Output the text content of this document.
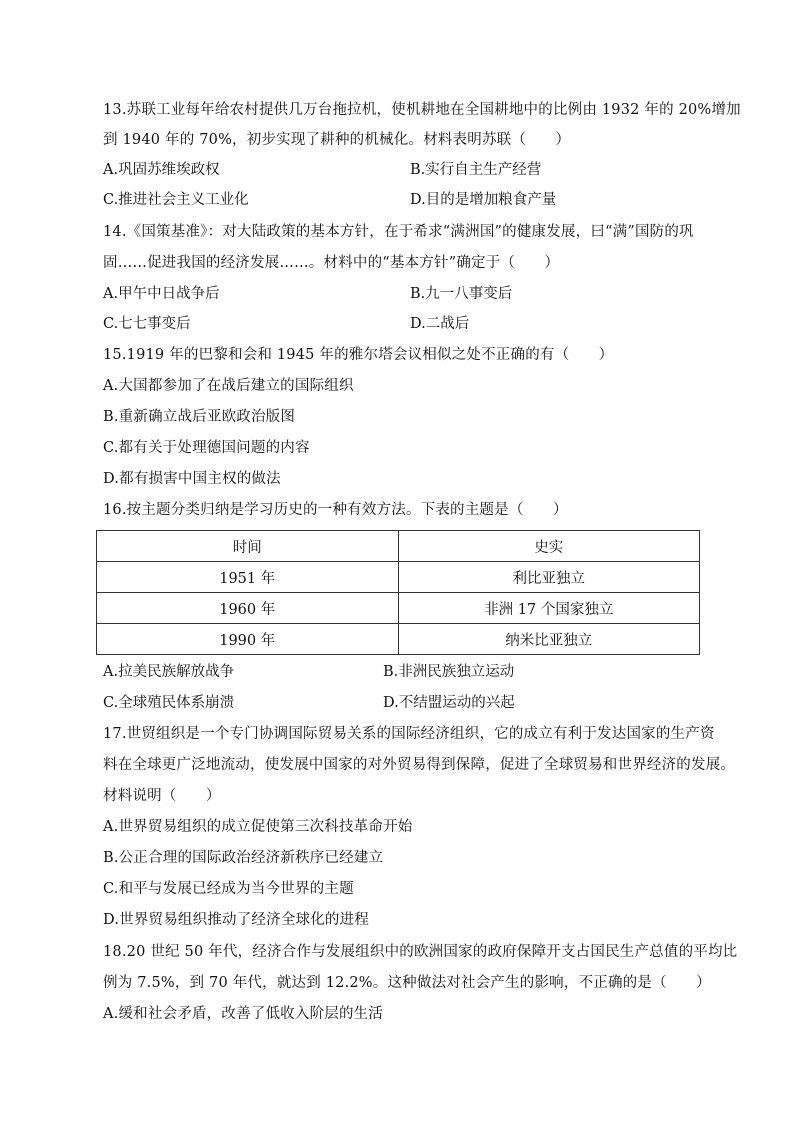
13.苏联工业每年给农村提供几万台拖拉机，使机耕地在全国耕地中的比例由 1932 年的 20%增加
到 1940 年的 70%，初步实现了耕种的机械化。材料表明苏联（　　）
A.巩固苏维埃政权	B.实行自主生产经营
C.推进社会主义工业化	D.目的是增加粮食产量
14.《国策基准》：对大陆政策的基本方针，在于希求“满洲国”的健康发展，曰“满”国防的巩
固……促进我国的经济发展……。材料中的“基本方针”确定于（　　）
A.甲午中日战争后	B.九一八事变后
C.七七事变后	D.二战后
15.1919 年的巴黎和会和 1945 年的雅尔塔会议相似之处不正确的有（　　）
A.大国都参加了在战后建立的国际组织
B.重新确立战后亚欧政治版图
C.都有关于处理德国问题的内容
D.都有损害中国主权的做法
16.按主题分类归纳是学习历史的一种有效方法。下表的主题是（　　）
时间	史实
1951 年	利比亚独立
1960 年	非洲 17 个国家独立
1990 年	纳米比亚独立
A.拉美民族解放战争	B.非洲民族独立运动
C.全球殖民体系崩溃	D.不结盟运动的兴起
17.世贸组织是一个专门协调国际贸易关系的国际经济组织，它的成立有利于发达国家的生产资
料在全球更广泛地流动，使发展中国家的对外贸易得到保障，促进了全球贸易和世界经济的发展。
材料说明（　　）
A.世界贸易组织的成立促使第三次科技革命开始
B.公正合理的国际政治经济新秩序已经建立
C.和平与发展已经成为当今世界的主题
D.世界贸易组织推动了经济全球化的进程
18.20 世纪 50 年代，经济合作与发展组织中的欧洲国家的政府保障开支占国民生产总值的平均比
例为 7.5%，到 70 年代，就达到 12.2%。这种做法对社会产生的影响，不正确的是（　　）
A.缓和社会矛盾，改善了低收入阶层的生活
